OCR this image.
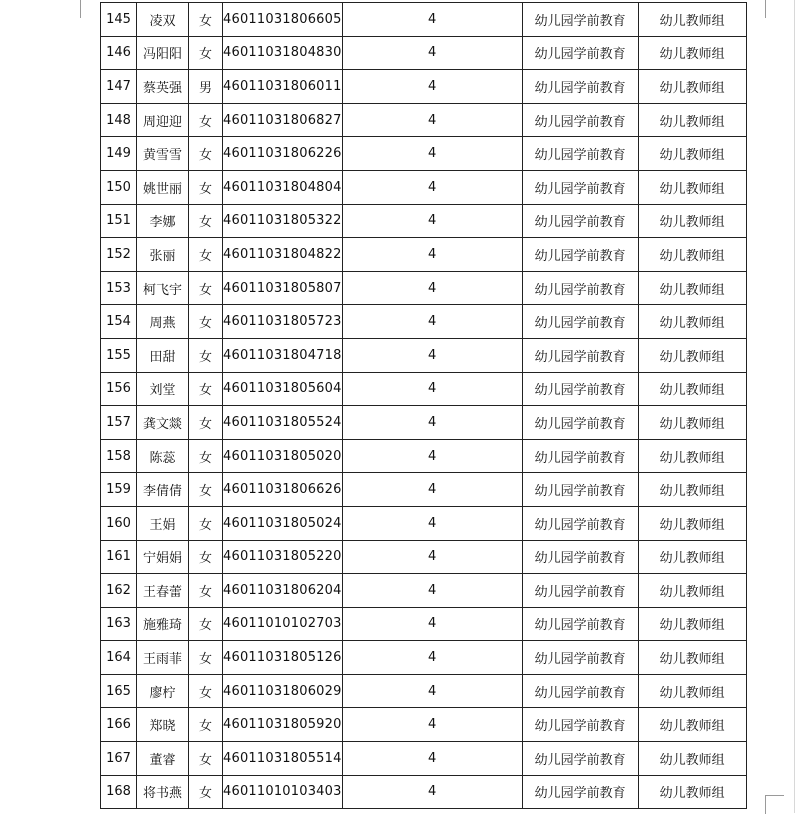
145	凌双	女	46011031806605	4	幼儿园学前教育	幼儿教师组
146	冯阳阳	女	46011031804830	4	幼儿园学前教育	幼儿教师组
147	蔡英强	男	46011031806011	4	幼儿园学前教育	幼儿教师组
148	周迎迎	女	46011031806827	4	幼儿园学前教育	幼儿教师组
149	黄雪雪	女	46011031806226	4	幼儿园学前教育	幼儿教师组
150	姚世丽	女	46011031804804	4	幼儿园学前教育	幼儿教师组
151	李娜	女	46011031805322	4	幼儿园学前教育	幼儿教师组
152	张丽	女	46011031804822	4	幼儿园学前教育	幼儿教师组
153	柯飞宇	女	46011031805807	4	幼儿园学前教育	幼儿教师组
154	周燕	女	46011031805723	4	幼儿园学前教育	幼儿教师组
155	田甜	女	46011031804718	4	幼儿园学前教育	幼儿教师组
156	刘堂	女	46011031805604	4	幼儿园学前教育	幼儿教师组
157	龚文燚	女	46011031805524	4	幼儿园学前教育	幼儿教师组
158	陈蕊	女	46011031805020	4	幼儿园学前教育	幼儿教师组
159	李倩倩	女	46011031806626	4	幼儿园学前教育	幼儿教师组
160	王娟	女	46011031805024	4	幼儿园学前教育	幼儿教师组
161	宁娟娟	女	46011031805220	4	幼儿园学前教育	幼儿教师组
162	王春蕾	女	46011031806204	4	幼儿园学前教育	幼儿教师组
163	施雅琦	女	46011010102703	4	幼儿园学前教育	幼儿教师组
164	王雨菲	女	46011031805126	4	幼儿园学前教育	幼儿教师组
165	廖柠	女	46011031806029	4	幼儿园学前教育	幼儿教师组
166	郑晓	女	46011031805920	4	幼儿园学前教育	幼儿教师组
167	董睿	女	46011031805514	4	幼儿园学前教育	幼儿教师组
168	将书燕	女	46011010103403	4	幼儿园学前教育	幼儿教师组
